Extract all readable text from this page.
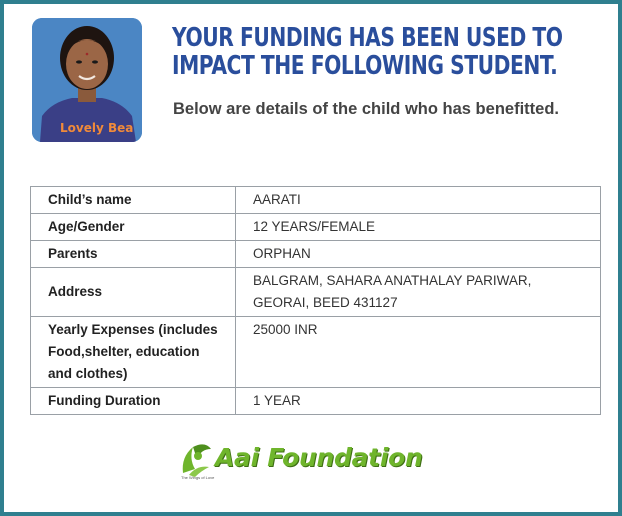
Lovely Bea
YOUR FUNDING HAS BEEN USED TO IMPACT THE FOLLOWING STUDENT.
Below are details of the child who has benefitted.
Child’s name	AARATI
Age/Gender	12 YEARS/FEMALE
Parents	ORPHAN
Address	BALGRAM, SAHARA ANATHALAY PARIWAR,
GEORAI, BEED 431127

Yearly Expenses (includes
Food,shelter, education
and clothes)	25000 INR
Funding Duration	1 YEAR
Aai Foundation
The Wings of Love
